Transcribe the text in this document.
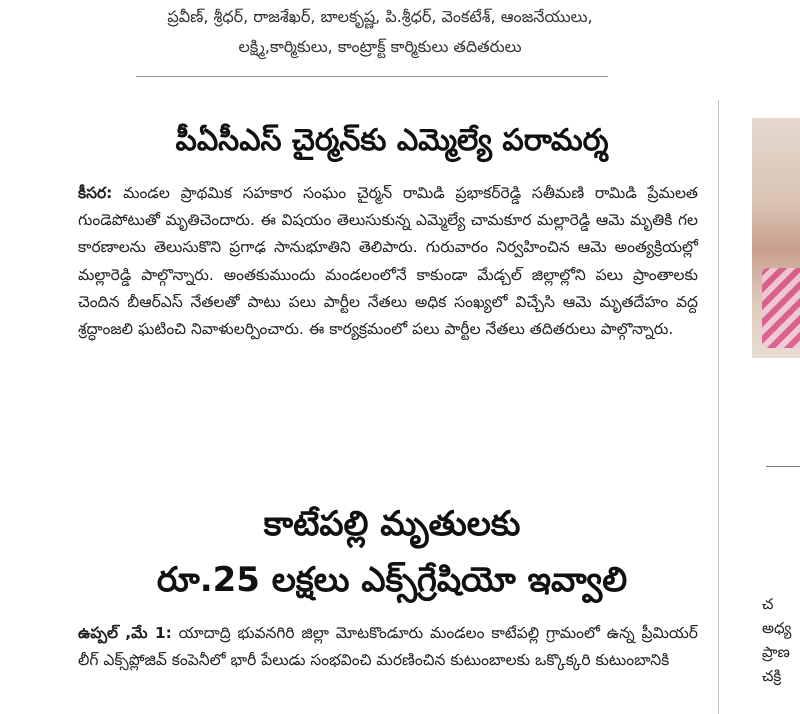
ప్రవీణ్, శ్రీధర్, రాజశేఖర్, బాలకృష్ణ, పి.శ్రీధర్, వెంకటేశ్, ఆంజనేయులు,
లక్ష్మి,కార్మికులు, కాంట్రాక్ట్ కార్మికులు తదితరులు
పీఏసీఎస్ చైర్మన్‌కు ఎమ్మెల్యే పరామర్శ
కీసర: మండల ప్రాథమిక సహకార సంఘం చైర్మన్ రామిడి ప్రభాకర్‌రెడ్డి సతీమణి రామిడి ప్రేమలత గుండెపోటుతో మృతిచెందారు. ఈ విషయం తెలుసుకున్న ఎమ్మెల్యే చామకూర మల్లారెడ్డి ఆమె మృతికి గల కారణాలను తెలుసుకొని ప్రగాఢ సానుభూతిని తెలిపారు. గురువారం నిర్వహించిన ఆమె అంత్యక్రియల్లో మల్లారెడ్డి పాల్గొన్నారు. అంతకుముందు మండలంలోనే కాకుండా మేడ్చల్ జిల్లాల్లోని పలు ప్రాంతాలకు చెందిన బీఆర్ఎస్ నేతలతో పాటు పలు పార్టీల నేతలు అధిక సంఖ్యలో విచ్చేసి ఆమె మృతదేహం వద్ద శ్రద్ధాంజలి ఘటించి నివాళులర్పించారు. ఈ కార్యక్రమంలో పలు పార్టీల నేతలు తదితరులు పాల్గొన్నారు.
కాటేపల్లి మృతులకు
రూ.25 లక్షలు ఎక్స్‌గ్రేషియో ఇవ్వాలి
ఉప్పల్ ,మే 1: యాదాద్రి భువనగిరి జిల్లా మోటకొండూరు మండలం కాటేపల్లి గ్రామంలో ఉన్న ప్రీమియర్ లీగ్ ఎక్స్‌ప్లోజివ్ కంపెనీలో భారీ పేలుడు సంభవించి మరణించిన కుటుంబాలకు ఒక్కొక్కరి కుటుంబానికి
చ
అధ్య
ప్రాణ
చక్రి
